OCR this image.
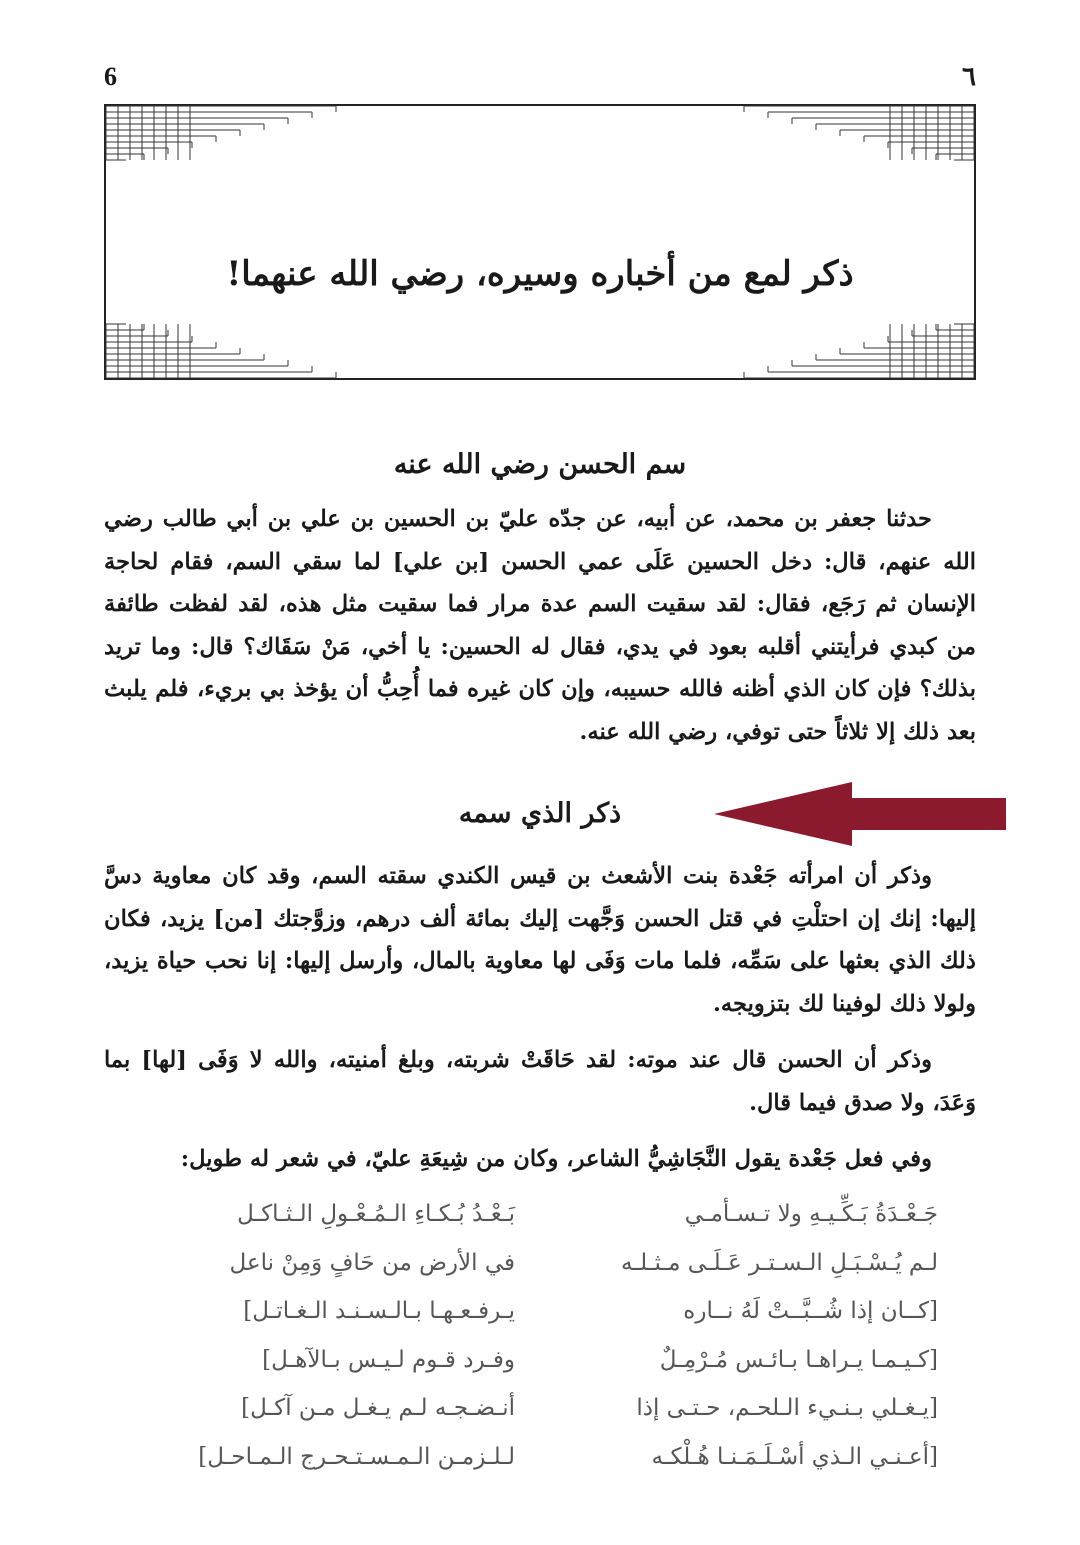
6	٦
ذكر لمع من أخباره وسيره، رضي الله عنهما!
سم الحسن رضي الله عنه

حدثنا جعفر بن محمد، عن أبيه، عن جدّه عليّ بن الحسين بن علي بن أبي طالب رضي الله عنهم، قال: دخل الحسين عَلَى عمي الحسن [بن علي] لما سقي السم، فقام لحاجة الإنسان ثم رَجَع، فقال: لقد سقيت السم عدة مرار فما سقيت مثل هذه، لقد لفظت طائفة من كبدي فرأيتني أقلبه بعود في يدي، فقال له الحسين: يا أخي، مَنْ سَقَاك؟ قال: وما تريد بذلك؟ فإن كان الذي أظنه فالله حسيبه، وإن كان غيره فما أُحِبُّ أن يؤخذ بي بريء، فلم يلبث بعد ذلك إلا ثلاثاً حتى توفي، رضي الله عنه.

ذكر الذي سمه

وذكر أن امرأته جَعْدة بنت الأشعث بن قيس الكندي سقته السم، وقد كان معاوية دسَّ إليها: إنك إن احتلْتِ في قتل الحسن وَجَّهت إليك بمائة ألف درهم، وزوَّجتك [من] يزيد، فكان ذلك الذي بعثها على سَمِّه، فلما مات وَفَى لها معاوية بالمال، وأرسل إليها: إنا نحب حياة يزيد، ولولا ذلك لوفينا لك بتزويجه.

وذكر أن الحسن قال عند موته: لقد حَاقَتْ شربته، وبلغ أمنيته، والله لا وَفَى [لها] بما وَعَدَ، ولا صدق فيما قال.

وفي فعل جَعْدة يقول النَّجَاشِيُّ الشاعر، وكان من شِيعَةِ عليّ، في شعر له طويل:

جَـعْـدَةُ بَـكِّـيـهِ ولا تـسـأمـي
بَـعْـدُ بُـكـاءِ الـمُـعْـولِ الـثـاكـل
لـم يُـسْـبَـلِ الـسـتـر عَـلَـى مـثـلـه
في الأرض من حَافٍ وَمِنْ ناعل
[كــان إذا شُــبَّــتْ لَهُ نــاره
يـرفـعـهـا بـالـسـنـد الـغـاتـل]
[كـيـمـا يـراهـا بـائـس مُـرْمِـلٌ
وفـرد قـوم لـيـس بـالآهـل]
[يـغـلي بـنـيء الـلحـم، حـتـى إذا
أنـضـجـه لـم يـغـل مـن آكـل]
[أعـنـي الـذي أسْـلَـمَـنـا هُـلْكـه
لـلـزمـن الـمـسـتـحـرج الـمـاحـل]
